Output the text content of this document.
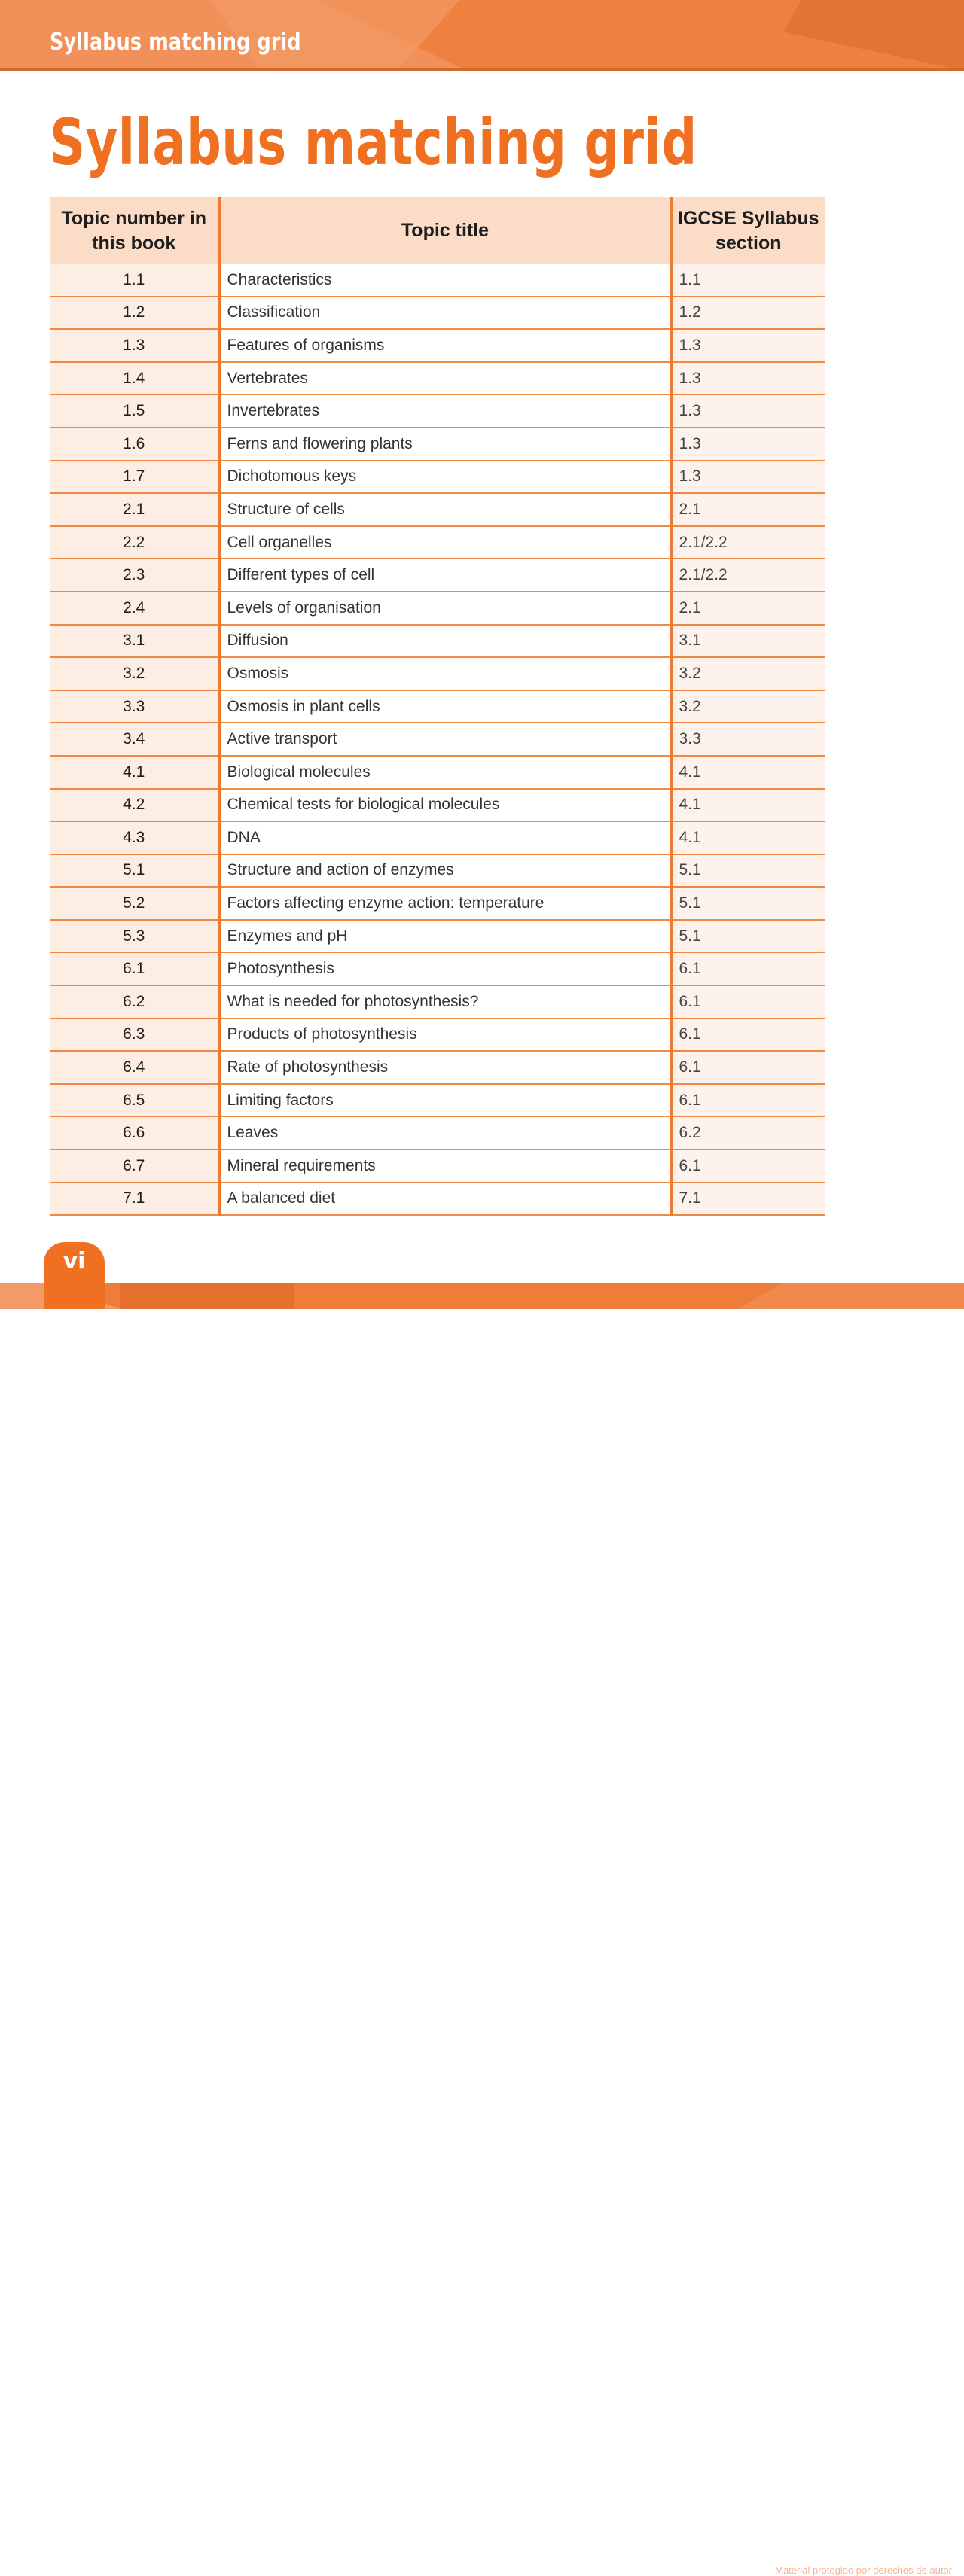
Syllabus matching grid

Syllabus matching grid
Topic number in this book	Topic title	IGCSE Syllabus section
1.1	Characteristics	1.1
1.2	Classification	1.2
1.3	Features of organisms	1.3
1.4	Vertebrates	1.3
1.5	Invertebrates	1.3
1.6	Ferns and flowering plants	1.3
1.7	Dichotomous keys	1.3
2.1	Structure of cells	2.1
2.2	Cell organelles	2.1/2.2
2.3	Different types of cell	2.1/2.2
2.4	Levels of organisation	2.1
3.1	Diffusion	3.1
3.2	Osmosis	3.2
3.3	Osmosis in plant cells	3.2
3.4	Active transport	3.3
4.1	Biological molecules	4.1
4.2	Chemical tests for biological molecules	4.1
4.3	DNA	4.1
5.1	Structure and action of enzymes	5.1
5.2	Factors affecting enzyme action: temperature	5.1
5.3	Enzymes and pH	5.1
6.1	Photosynthesis	6.1
6.2	What is needed for photosynthesis?	6.1
6.3	Products of photosynthesis	6.1
6.4	Rate of photosynthesis	6.1
6.5	Limiting factors	6.1
6.6	Leaves	6.2
6.7	Mineral requirements	6.1
7.1	A balanced diet	7.1
Material protegido por derechos de autor
vi
